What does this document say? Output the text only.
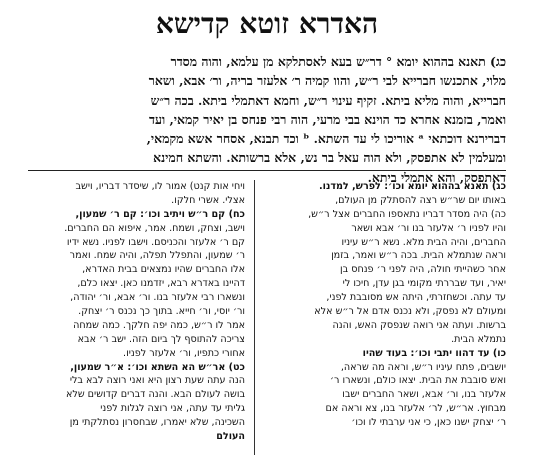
האדרא זוטא קדישא
כג) תאנא בההוא יומא ° דר״ש בעא לאסתלקא מן עלמא, והוה מסדר
מלוי, אתכנשו חברייא לבי ר״ש, והוו קמיה ר׳ אלעזר בריה, ור׳ אבא, ושאר
חברייא, והוה מליא ביתא. זקיף עינוי ר״ש, וחמא דאתמלי ביתא. בכה ר״ש
ואמר, בזמנא אחרא כד הוינא בבי מרעי, הוה רבי פנחס בן יאיר קמאי, ועד
דברירנא דוכתאי ᵃ אוריכו לי עד השתא. ᵇ וכד תבנא, אסחר אשא מקמאי,
ומעלמין לא אתפסק, ולא הוה עאל בר נש, אלא ברשותא. והשתא חמינא
דאתפסק, והא אתמלי ביתא.
כג) תאנא בההוא יומא וכו׳: לפרש, למדנו.
באותו יום שר״ש רצה להסתלק מן העולם,
כה) היה מסדר דבריו נתאספו החברים אצל ר״ש,
והיו לפניו ר׳ אלעזר בנו ור׳ אבא ושאר
החברים, והיה הבית מלא. נשא ר״ש עיניו
וראה שנתמלא הבית. בכה ר״ש ואמר, בזמן
אחר כשהייתי חולה, היה לפני ר׳ פנחס בן
יאיר, ועד שבררתי מקומי בגן עדן, חיכו לי
עד עתה. וכשחזרתי, היתה אש מסובבת לפני,
ומעולם לא נפסק, ולא נכנס אדם אל ר״ש אלא
ברשות. ועתה אני רואה שנפסק האש, והנה
נתמלא הבית.
כו) עד דהוו יתבי וכו׳: בעוד שהיו
יושבים, פתח עיניו ר״ש, וראה מה שראה,
ואש סובבת את הבית. יצאו כולם, ונשארו ר׳
אלעזר בנו, ור׳ אבא, ושאר החברים ישבו
מבחוץ. אר״ש, לר׳ אלעזר בנו, צא וראה אם
ר׳ יצחק ישנו כאן, כי אני ערבתי לו וכו׳
ויחי אות קנט) אמור לו, שיסדר דבריו, וישב
אצלי. אשרי חלקו.
כח) קם ר״ש ויתיב וכו׳: קם ר׳ שמעון,
וישב, וצחק, ושמח. אמר, איפוא הם החברים.
קם ר׳ אלעזר והכניסם. וישבו לפניו. נשא ידיו
ר׳ שמעון, והתפלל תפלה, והיה שמח. ואמר
אלו החברים שהיו נמצאים בבית האדרא,
דהיינו באדרא רבא, יזדמנו כאן. יצאו כלם,
ונשארו רבי אלעזר בנו. ור׳ אבא, ור׳ יהודה,
ור׳ יוסי, ור׳ חייא. בתוך כך נכנס ר׳ יצחק.
אמר לו ר״ש, כמה יפה חלקך. כמה שמחה
צריכה להתוסף לך ביום הזה. ישב ר׳ אבא
אחורי כתפיו, ור׳ אלעזר לפניו.
כט) אר״ש הא השתא וכו׳: א״ר שמעון,
הנה עתה שעת רצון היא ואני רוצה לבא בלי
בושה לעולם הבא. והנה דברים קדושים שלא
גליתי עד עתה, אני רוצה לגלות לפני
השכינה, שלא יאמרו, שבחסרון נסתלקתי מן
העולם
